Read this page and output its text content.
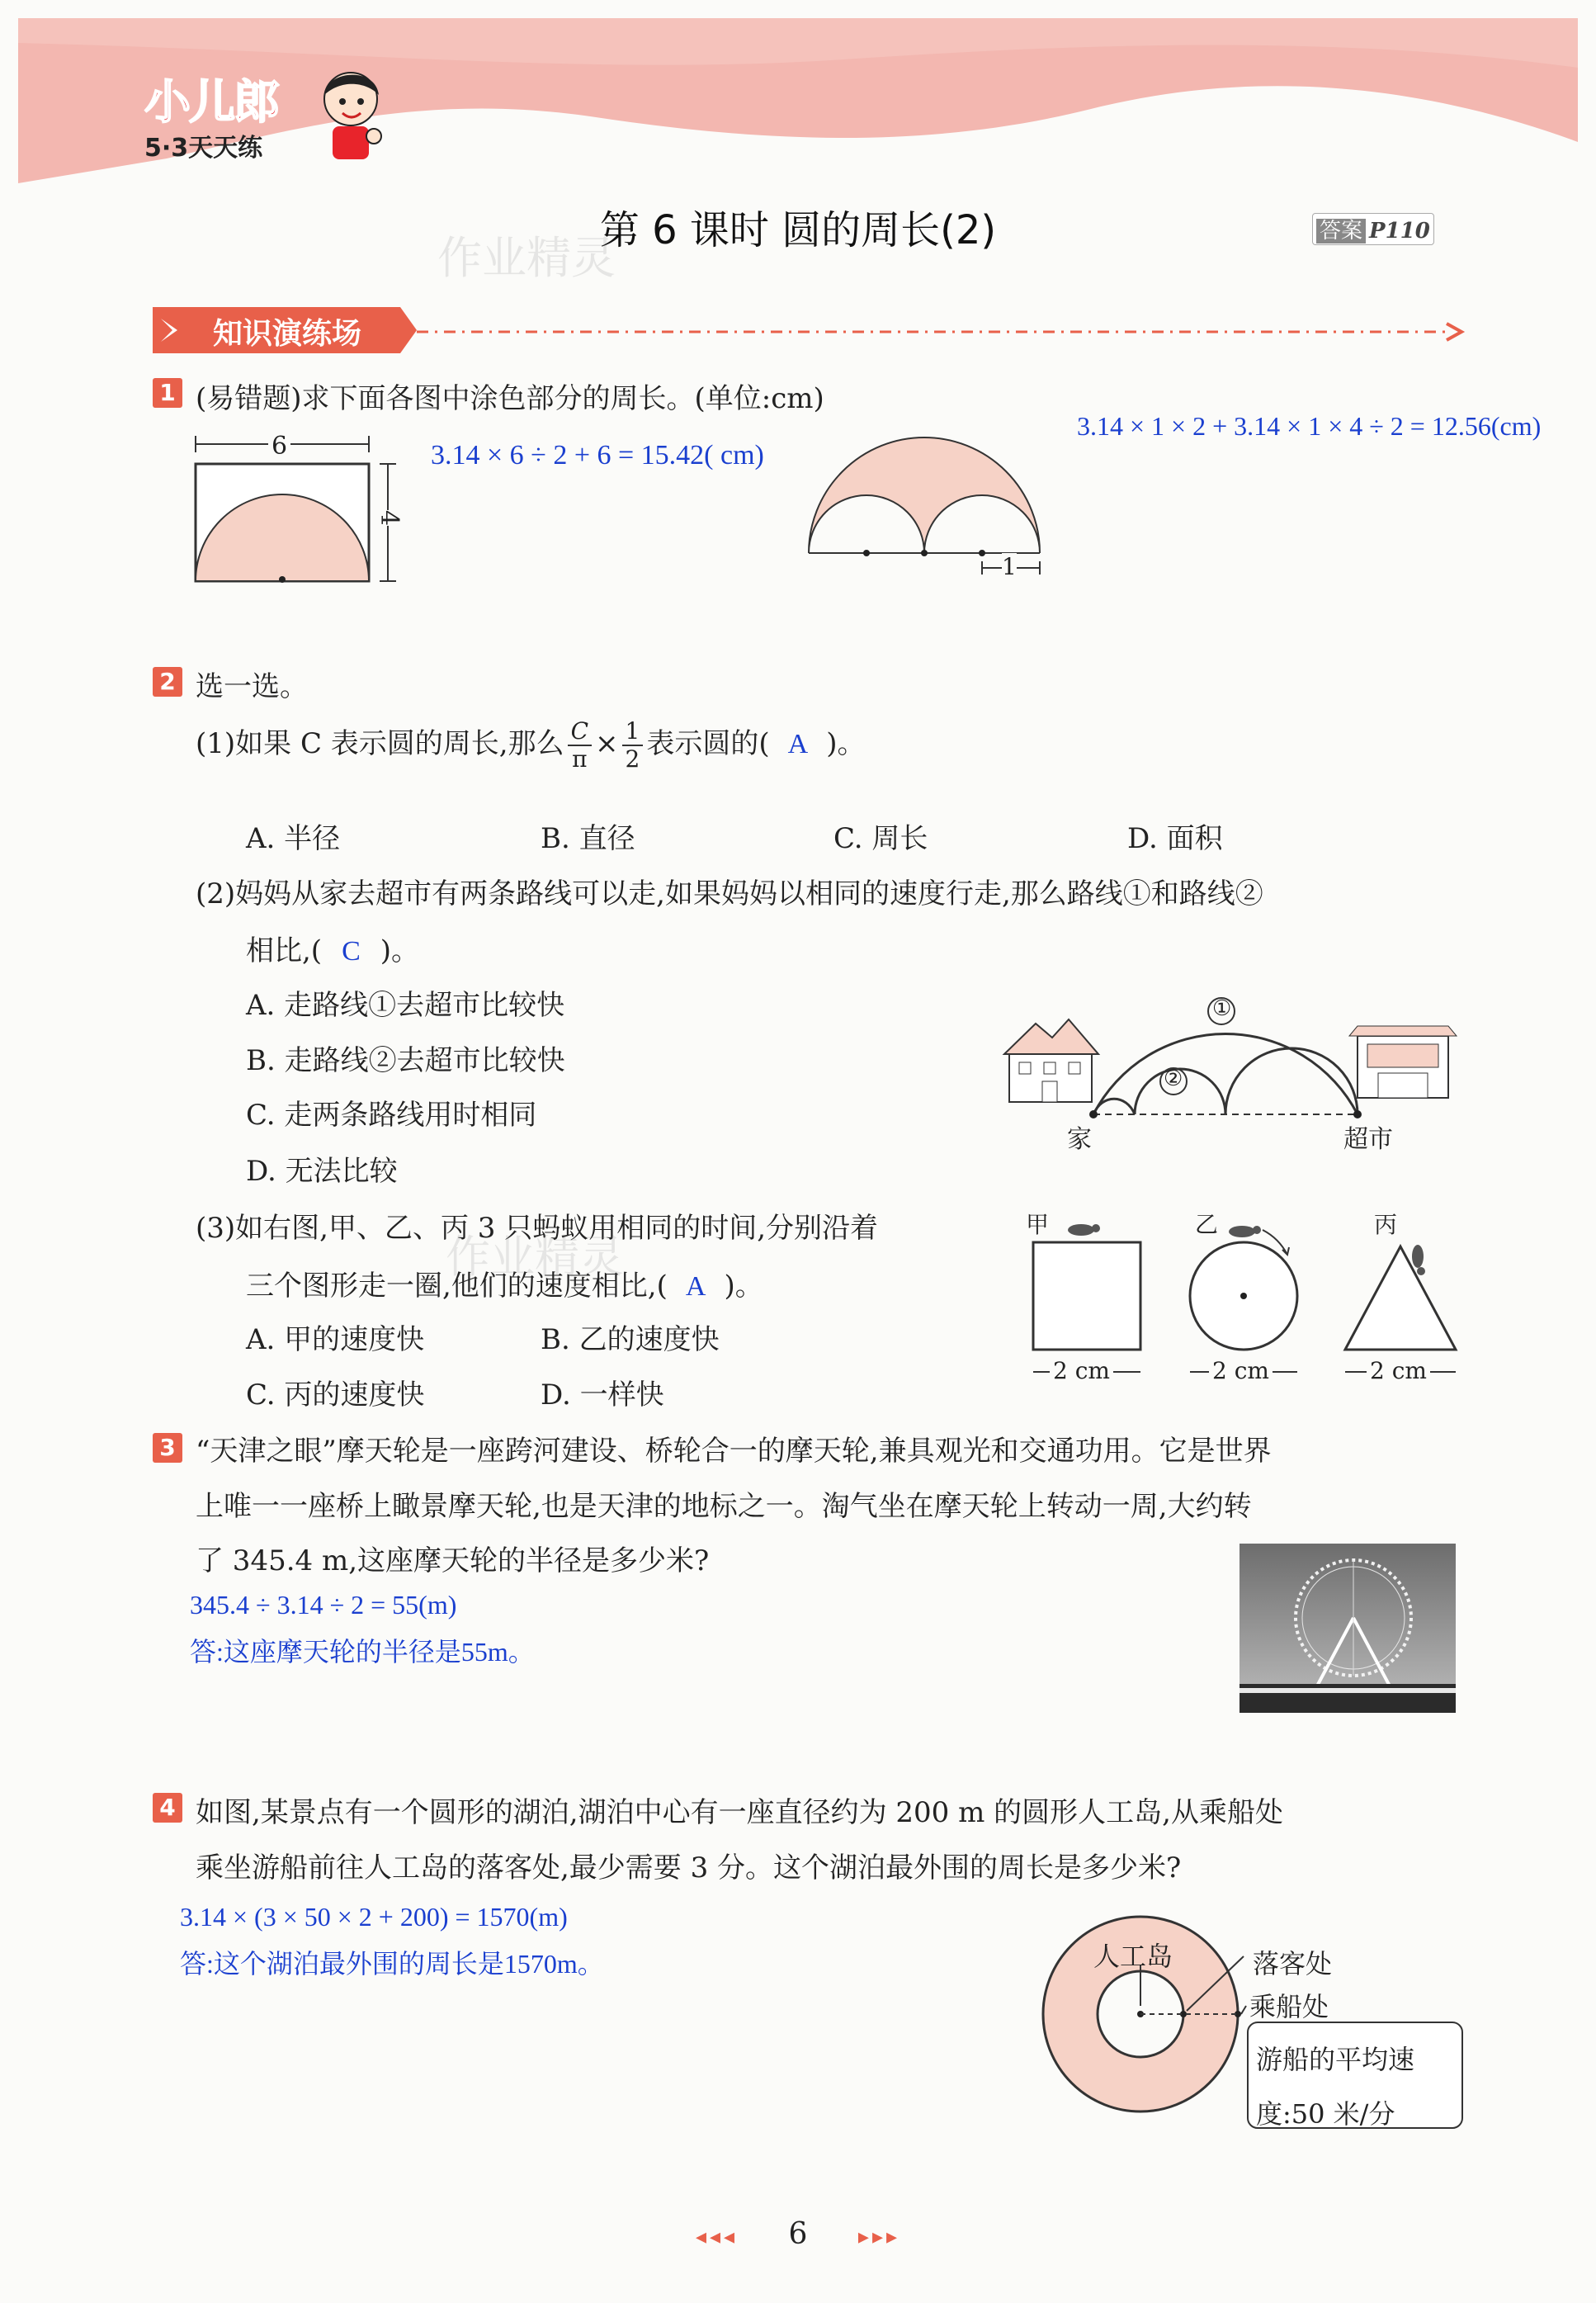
小儿郎
5·3天天练
第 6 课时 圆的周长(2)	答案 P110
作业精灵
知识演练场
1 (易错题)求下面各图中涂色部分的周长。(单位:cm)
6
4
3.14 × 6 ÷ 2 + 6 = 15.42( cm)
1
3.14 × 1 × 2 + 3.14 × 1 × 4 ÷ 2 = 12.56(cm)
2 选一选。
(1)如果 C 表示圆的周长,那么 $\frac{C}{\pi} \times \frac{1}{2}$ 表示圆的( A )。
A. 半径	B. 直径	C. 周长	D. 面积
(2)妈妈从家去超市有两条路线可以走,如果妈妈以相同的速度行走,那么路线①和路线②
相比,( C )。
A. 走路线①去超市比较快
B. 走路线②去超市比较快
C. 走两条路线用时相同
D. 无法比较
①
②
家	超市
(3)如右图,甲、乙、丙 3 只蚂蚁用相同的时间,分别沿着
三个图形走一圈,他们的速度相比,( A )。
作业精灵
A. 甲的速度快	B. 乙的速度快
C. 丙的速度快	D. 一样快
甲	乙	丙
2 cm	2 cm	2 cm
3 “天津之眼”摩天轮是一座跨河建设、桥轮合一的摩天轮,兼具观光和交通功用。它是世界
上唯一一座桥上瞰景摩天轮,也是天津的地标之一。淘气坐在摩天轮上转动一周,大约转
了 345.4 m,这座摩天轮的半径是多少米?
345.4 ÷ 3.14 ÷ 2 = 55(m)
答:这座摩天轮的半径是55m。
4 如图,某景点有一个圆形的湖泊,湖泊中心有一座直径约为 200 m 的圆形人工岛,从乘船处
乘坐游船前往人工岛的落客处,最少需要 3 分。这个湖泊最外围的周长是多少米?
3.14 × (3 × 50 × 2 + 200) = 1570(m)
答:这个湖泊最外围的周长是1570m。	人工岛	落客处
乘船处
游船的平均速
度:50 米/分
◂◂◂ 6 ▸▸▸
